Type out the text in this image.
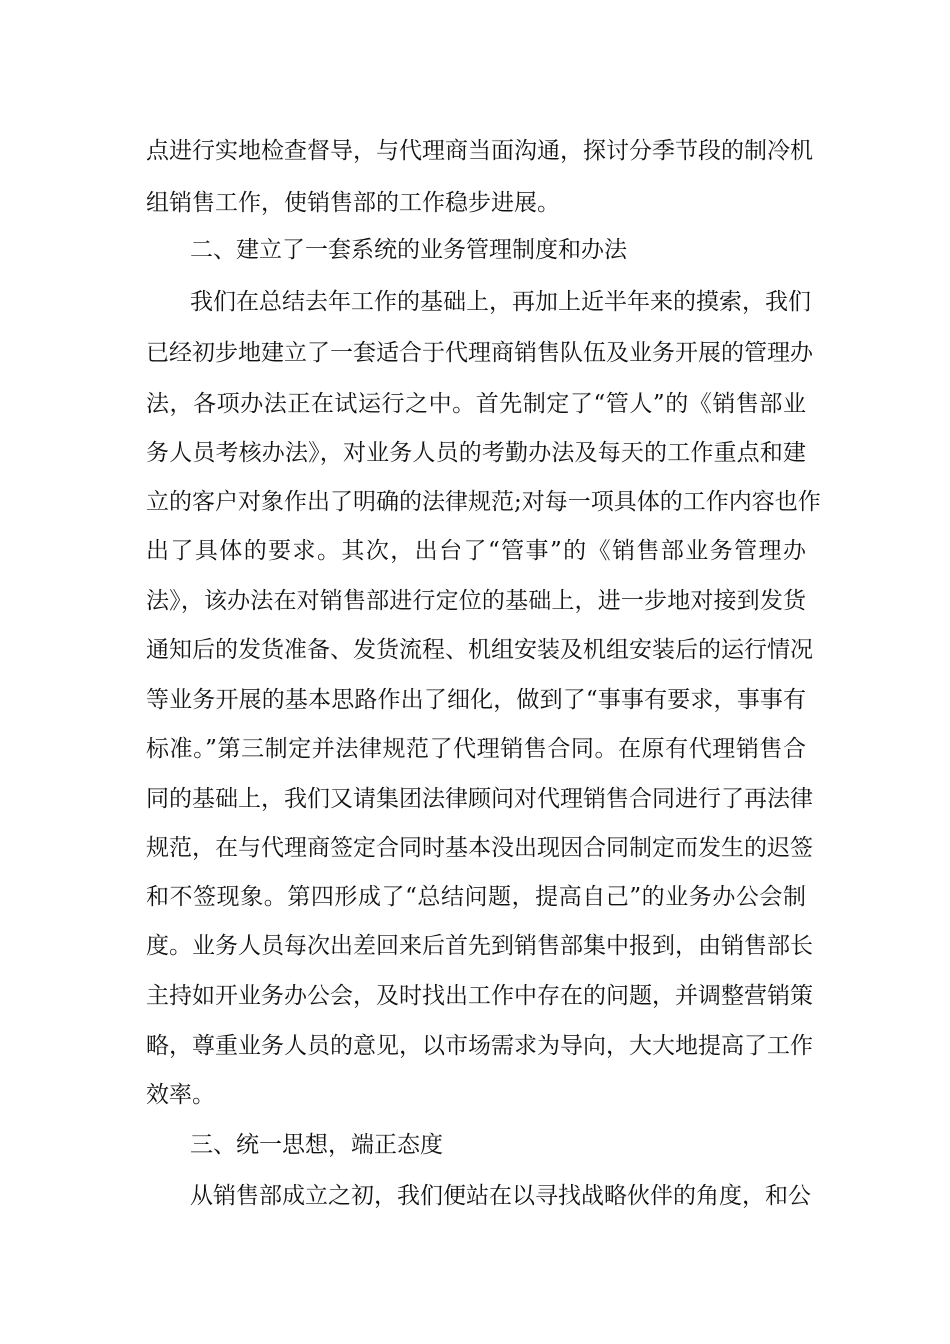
点进行实地检查督导，与代理商当面沟通，探讨分季节段的制冷机
组销售工作，使销售部的工作稳步进展。
二、建立了一套系统的业务管理制度和办法
我们在总结去年工作的基础上，再加上近半年来的摸索，我们
已经初步地建立了一套适合于代理商销售队伍及业务开展的管理办
法，各项办法正在试运行之中。首先制定了“管人”的《销售部业
务人员考核办法》，对业务人员的考勤办法及每天的工作重点和建
立的客户对象作出了明确的法律规范;对每一项具体的工作内容也作
出了具体的要求。其次，出台了“管事”的《销售部业务管理办
法》，该办法在对销售部进行定位的基础上，进一步地对接到发货
通知后的发货准备、发货流程、机组安装及机组安装后的运行情况
等业务开展的基本思路作出了细化，做到了“事事有要求，事事有
标准。”第三制定并法律规范了代理销售合同。在原有代理销售合
同的基础上，我们又请集团法律顾问对代理销售合同进行了再法律
规范，在与代理商签定合同时基本没出现因合同制定而发生的迟签
和不签现象。第四形成了“总结问题，提高自己”的业务办公会制
度。业务人员每次出差回来后首先到销售部集中报到，由销售部长
主持如开业务办公会，及时找出工作中存在的问题，并调整营销策
略，尊重业务人员的意见，以市场需求为导向，大大地提高了工作
效率。
三、统一思想，端正态度
从销售部成立之初，我们便站在以寻找战略伙伴的角度，和公
